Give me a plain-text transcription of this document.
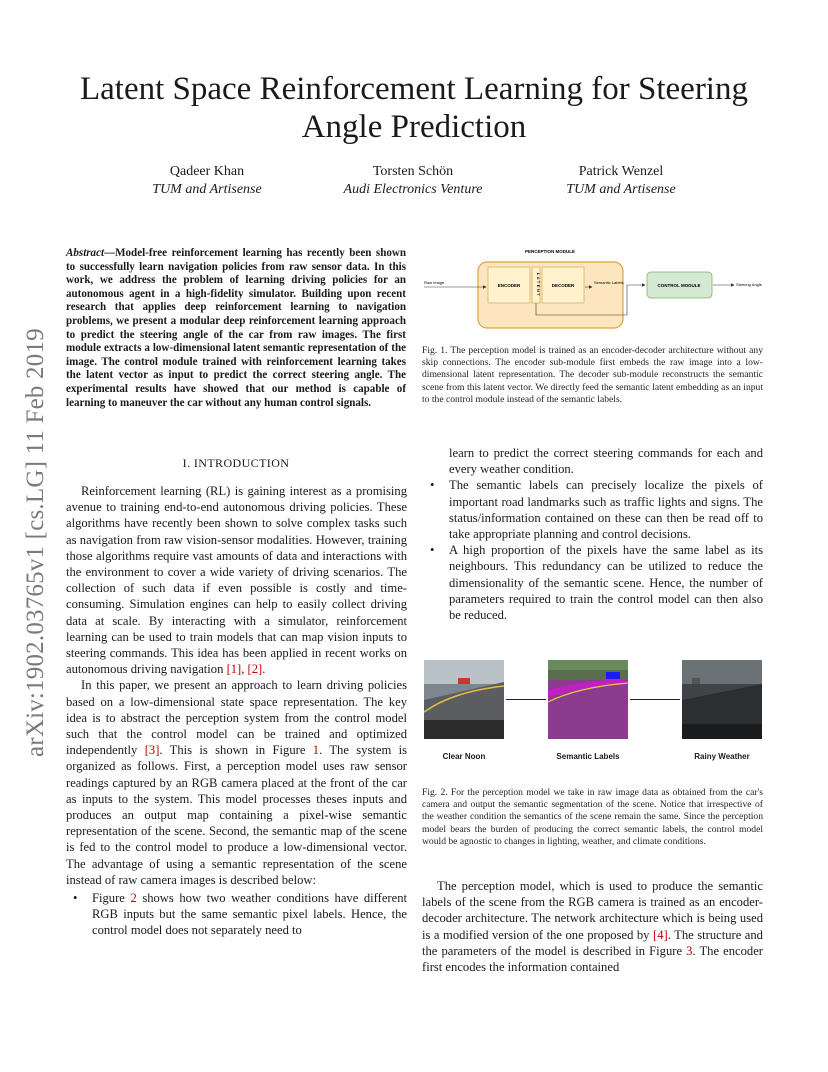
arXiv:1902.03765v1 [cs.LG] 11 Feb 2019
Latent Space Reinforcement Learning for Steering Angle Prediction
Qadeer Khan
TUM and Artisense
Torsten Schön
Audi Electronics Venture
Patrick Wenzel
TUM and Artisense
Abstract—Model-free reinforcement learning has recently been shown to successfully learn navigation policies from raw sensor data. In this work, we address the problem of learning driving policies for an autonomous agent in a high-fidelity simulator. Building upon recent research that applies deep reinforcement learning to navigation problems, we present a modular deep reinforcement learning approach to predict the steering angle of the car from raw images. The first module extracts a low-dimensional latent semantic representation of the image. The control module trained with reinforcement learning takes the latent vector as input to predict the correct steering angle. The experimental results have showed that our method is capable of learning to maneuver the car without any human control signals.
I. INTRODUCTION

Reinforcement learning (RL) is gaining interest as a promising avenue to training end-to-end autonomous driving policies. These algorithms have recently been shown to solve complex tasks such as navigation from raw vision-sensor modalities. However, training those algorithms require vast amounts of data and interactions with the environment to cover a wide variety of driving scenarios. The collection of such data if even possible is costly and time-consuming. Simulation engines can help to easily collect driving data at scale. By interacting with a simulator, reinforcement learning can be used to train models that can map vision inputs to steering commands. This idea has been applied in recent works on autonomous driving navigation [1], [2].

In this paper, we present an approach to learn driving policies based on a low-dimensional state space representation. The key idea is to abstract the perception system from the control model such that the control model can be trained and optimized independently [3]. This is shown in Figure 1. The system is organized as follows. First, a perception model uses raw sensor readings captured by an RGB camera placed at the front of the car as inputs to the system. This model processes theses inputs and produces an output map containing a pixel-wise semantic representation of the scene. Second, the semantic map of the scene is fed to the control model to produce a low-dimensional vector. The advantage of using a semantic representation of the scene instead of raw camera images is described below:

• Figure 2 shows how two weather conditions have different RGB inputs but the same semantic pixel labels. Hence, the control model does not separately need to
learn to predict the correct steering commands for each and every weather condition.
• The semantic labels can precisely localize the pixels of important road landmarks such as traffic lights and signs. The status/information contained on these can then be read off to take appropriate planning and control decisions.
• A high proportion of the pixels have the same label as its neighbours. This redundancy can be utilized to reduce the dimensionality of the semantic scene. Hence, the number of parameters required to train the control model can then also be reduced.
PERCEPTION MODULE
ENCODER	LATENT DECODER
Raw Image	Semantic Labels
CONTROL MODULE	Steering Angle
Fig. 1. The perception model is trained as an encoder-decoder architecture without any skip connections. The encoder sub-module first embeds the raw image into a low-dimensional latent representation. The decoder sub-module reconstructs the semantic scene from this latent vector. We directly feed the semantic latent embedding as an input to the control module instead of the semantic labels.
Clear Noon	Semantic Labels	Rainy Weather
Fig. 2. For the perception model we take in raw image data as obtained from the car's camera and output the semantic segmentation of the scene. Notice that irrespective of the weather condition the semantics of the scene remain the same. Since the perception model bears the burden of producing the correct semantic labels, the control model would be agnostic to changes in lighting, weather, and climate conditions.

The perception model, which is used to produce the semantic labels of the scene from the RGB camera is trained as an encoder-decoder architecture. The network architecture which is being used is a modified version of the one proposed by [4]. The structure and the parameters of the model is described in Figure 3. The encoder first encodes the information contained
